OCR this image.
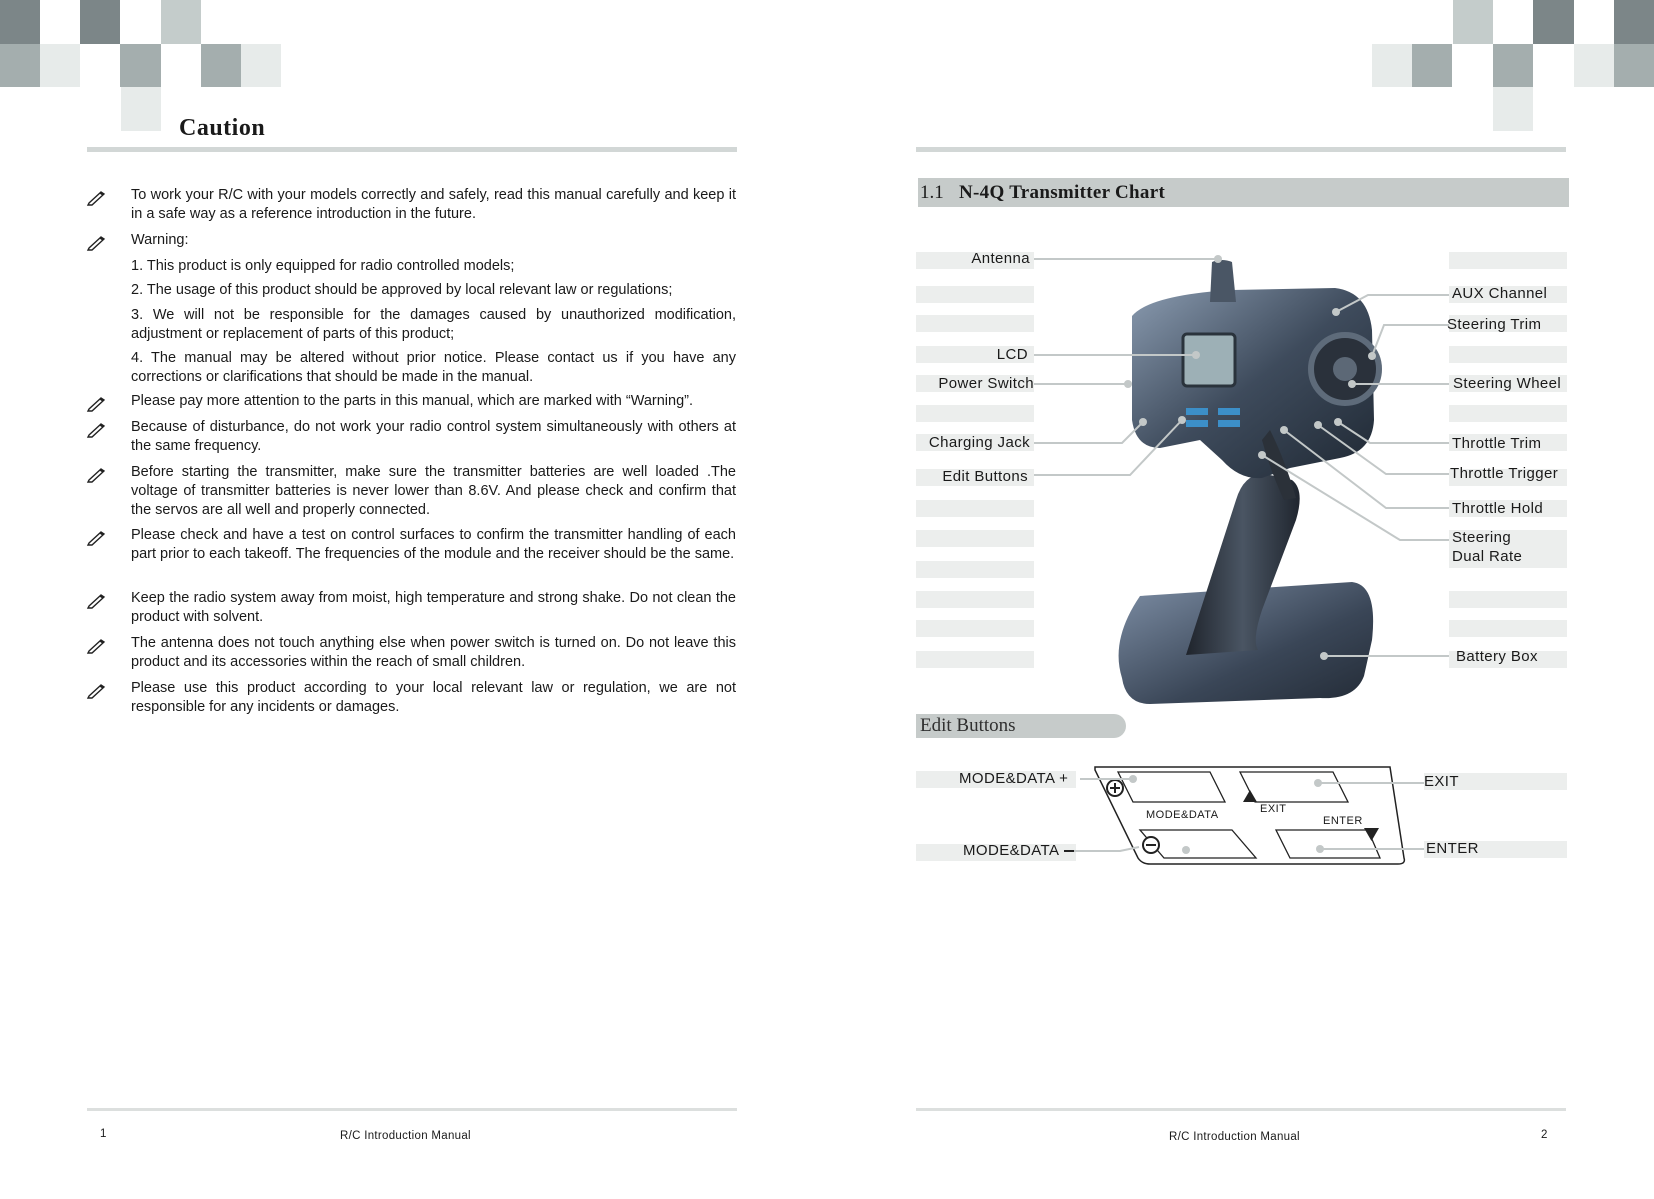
Caution
To work your R/C with your models correctly and safely, read this manual carefully and keep it in a safe way as a reference introduction in the future.
Warning:
1. This product is only equipped for radio controlled models;
2. The usage of this product should be approved by local relevant law or regulations;
3. We will not be responsible for the damages caused by unauthorized modification, adjustment or replacement of parts of this product;
4. The manual may be altered without prior notice. Please contact us if you have any corrections or clarifications that should be made in the manual.
Please pay more attention to the parts in this manual, which are marked with “Warning”.
Because of disturbance, do not work your radio control system simultaneously with others at the same frequency.
Before starting the transmitter, make sure the transmitter batteries are well loaded .The voltage of transmitter batteries is never lower than 8.6V. And please check and confirm that the servos are all well and properly connected.
Please check and have a test on control surfaces to confirm the transmitter handling of each part prior to each takeoff. The frequencies of the module and the receiver should be the same.
Keep the radio system away from moist, high temperature and strong shake. Do not clean the product with solvent.
The antenna does not touch anything else when power switch is turned on. Do not leave this product and its accessories within the reach of small children.
Please use this product according to your local relevant law or regulation, we are not responsible for any incidents or damages.
1	R/C Introduction Manual
1.1 N-4Q Transmitter Chart
Antenna
LCD
Power Switch
Charging Jack
Edit Buttons
AUX Channel
Steering Trim
Steering Wheel
Throttle Trim
Throttle Trigger
Throttle Hold
Steering
Dual Rate
Battery Box
Edit Buttons
MODE&DATA +
MODE&DATA
EXIT
ENTER
MODE&DATA	EXIT
ENTER
R/C Introduction Manual	2
